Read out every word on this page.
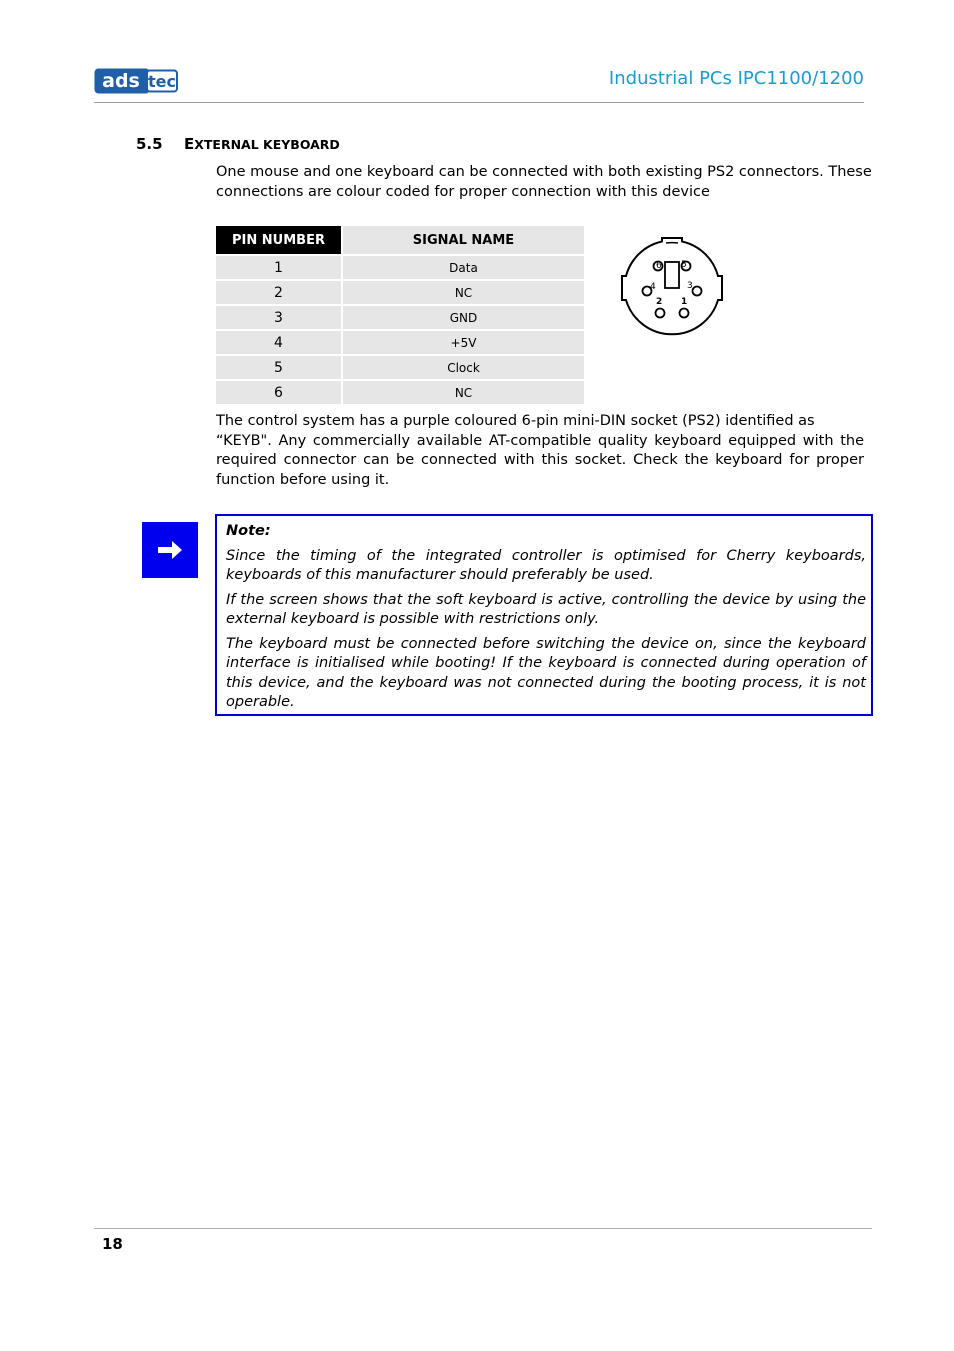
ads tec	Industrial PCs IPC1100/1200
5.5 EXTERNAL KEYBOARD
One mouse and one keyboard can be connected with both existing PS2 connectors. These connections are colour coded for proper connection with this device
PIN NUMBER	SIGNAL NAME
1	Data
2	NC
3	GND
4	+5V
5	Clock
6	NC
6 5
4	3
2 1
The control system has a purple coloured 6-pin mini-DIN socket (PS2) identified as
“KEYB". Any commercially available AT-compatible quality keyboard equipped with the required connector can be connected with this socket. Check the keyboard for proper function before using it.
Note:

Since the timing of the integrated controller is optimised for Cherry keyboards, keyboards of this manufacturer should preferably be used.

If the screen shows that the soft keyboard is active, controlling the device by using the external keyboard is possible with restrictions only.

The keyboard must be connected before switching the device on, since the keyboard interface is initialised while booting! If the keyboard is connected during operation of this device, and the keyboard was not connected during the booting process, it is not operable.

18
